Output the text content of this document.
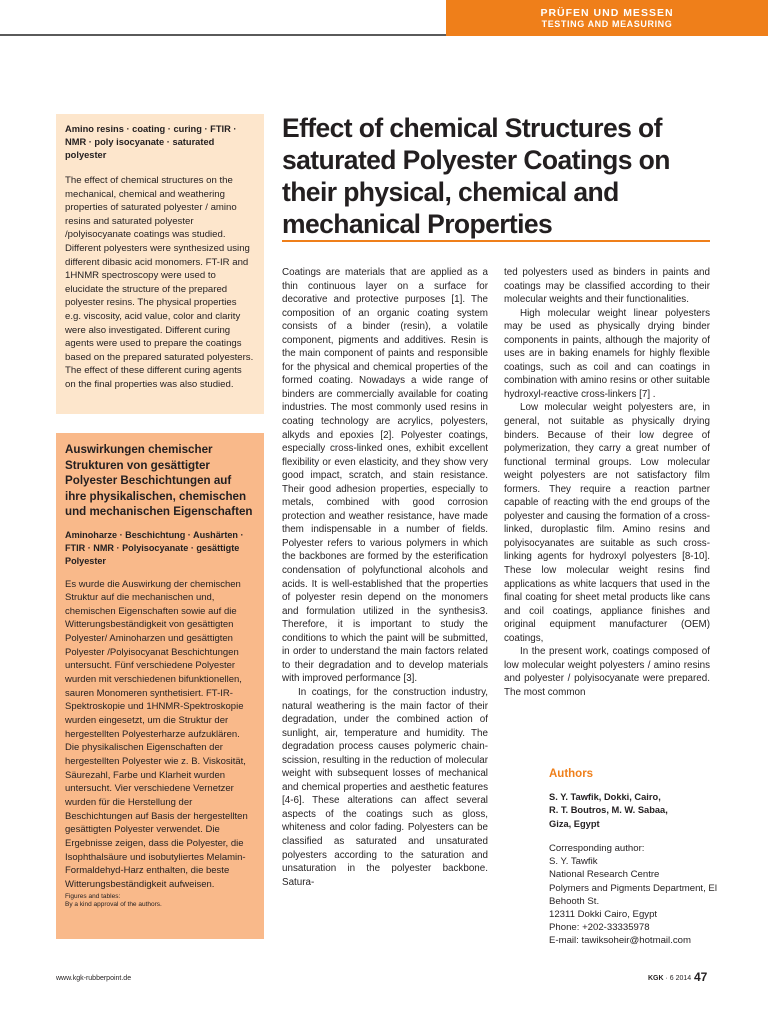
PRÜFEN UND MESSEN
TESTING AND MEASURING
Amino resins · coating · curing · FTIR · NMR · poly isocyanate · saturated polyester
The effect of chemical structures on the mechanical, chemical and weathering properties of saturated polyester / amino resins and saturated polyester /polyisocyanate coatings was studied. Different polyesters were synthesized using different dibasic acid monomers. FT-IR and 1HNMR spectroscopy were used to elucidate the structure of the prepared polyester resins. The physical properties e.g. viscosity, acid value, color and clarity were also investigated. Different curing agents were used to prepare the coatings based on the prepared saturated polyesters. The effect of these different curing agents on the final properties was also studied.
Auswirkungen chemischer Strukturen von gesättigter Polyester Beschichtungen auf ihre physikalischen, chemischen und mechanischen Eigenschaften
Aminoharze · Beschichtung · Aushärten · FTIR · NMR · Polyisocyanate · gesättigte Polyester
Es wurde die Auswirkung der chemischen Struktur auf die mechanischen und, chemischen Eigenschaften sowie auf die Witterungsbeständigkeit von gesättigten Polyester/ Aminoharzen und gesättigten Polyester /Polyisocyanat Beschichtungen untersucht. Fünf verschiedene Polyester wurden mit verschiedenen bifunktionellen, sauren Monomeren synthetisiert. FT-IR-Spektroskopie und 1HNMR-Spektroskopie wurden eingesetzt, um die Struktur der hergestellten Polyesterharze aufzuklären. Die physikalischen Eigenschaften der hergestellten Polyester wie z. B. Viskosität, Säurezahl, Farbe und Klarheit wurden untersucht. Vier verschiedene Vernetzer wurden für die Herstellung der Beschichtungen auf Basis der hergestellten gesättigten Polyester verwendet. Die Ergebnisse zeigen, dass die Polyester, die Isophthalsäure und isobutyliertes Melamin-Formaldehyd-Harz enthalten, die beste Witterungsbeständigkeit aufweisen.
Figures and tables:
By a kind approval of the authors.
Effect of chemical Structures of saturated Polyester Coatings on their physical, chemical and mechanical Properties

Coatings are materials that are applied as a thin continuous layer on a surface for decorative and protective purposes [1]. The composition of an organic coating system consists of a binder (resin), a volatile component, pigments and additives. Resin is the main component of paints and responsible for the physical and chemical properties of the formed coating. Nowadays a wide range of binders are commercially available for coating industries. The most commonly used resins in coating technology are acrylics, polyesters, alkyds and epoxies [2]. Polyester coatings, especially cross-linked ones, exhibit excellent flexibility or even elasticity, and they show very good impact, scratch, and stain resistance. Their good adhesion properties, especially to metals, combined with good corrosion protection and weather resistance, have made them indispensable in a number of fields. Polyester refers to various polymers in which the backbones are formed by the esterification condensation of polyfunctional alcohols and acids. It is well-established that the properties of polyester resin depend on the monomers and formulation utilized in the synthesis3. Therefore, it is important to study the conditions to which the paint will be submitted, in order to understand the main factors related to their degradation and to develop materials with improved performance [3].

In coatings, for the construction industry, natural weathering is the main factor of their degradation, under the combined action of sunlight, air, temperature and humidity. The degradation process causes polymeric chain-scission, resulting in the reduction of molecular weight with subsequent losses of mechanical and chemical properties and aesthetic features [4-6]. These alterations can affect several aspects of the coatings such as gloss, whiteness and color fading. Polyesters can be classified as saturated and unsaturated polyesters according to the saturation and unsaturation in the polyester backbone. Satura-

ted polyesters used as binders in paints and coatings may be classified according to their molecular weights and their functionalities.

High molecular weight linear polyesters may be used as physically drying binder components in paints, although the majority of uses are in baking enamels for highly flexible coatings, such as coil and can coatings in combination with amino resins or other suitable hydroxyl-reactive cross-linkers [7] .

Low molecular weight polyesters are, in general, not suitable as physically drying binders. Because of their low degree of polymerization, they carry a great number of functional terminal groups. Low molecular weight polyesters are not satisfactory film formers. They require a reaction partner capable of reacting with the end groups of the polyester and causing the formation of a cross-linked, duroplastic film. Amino resins and polyisocyanates are suitable as such cross-linking agents for hydroxyl polyesters [8-10]. These low molecular weight resins find applications as white lacquers that used in the final coating for sheet metal products like cans and coil coatings, appliance finishes and original equipment manufacturer (OEM) coatings,

In the present work, coatings composed of low molecular weight polyesters / amino resins and polyester / polyisocyanate were prepared. The most common

Authors
S. Y. Tawfik, Dokki, Cairo,
R. T. Boutros, M. W. Sabaa,
Giza, Egypt
Corresponding author:
S. Y. Tawfik
National Research Centre
Polymers and Pigments Department, El Behooth St.
12311 Dokki Cairo, Egypt
Phone: +202-33335978
E-mail: tawiksoheir@hotmail.com
www.kgk-rubberpoint.de	KGK · 6 2014 47
